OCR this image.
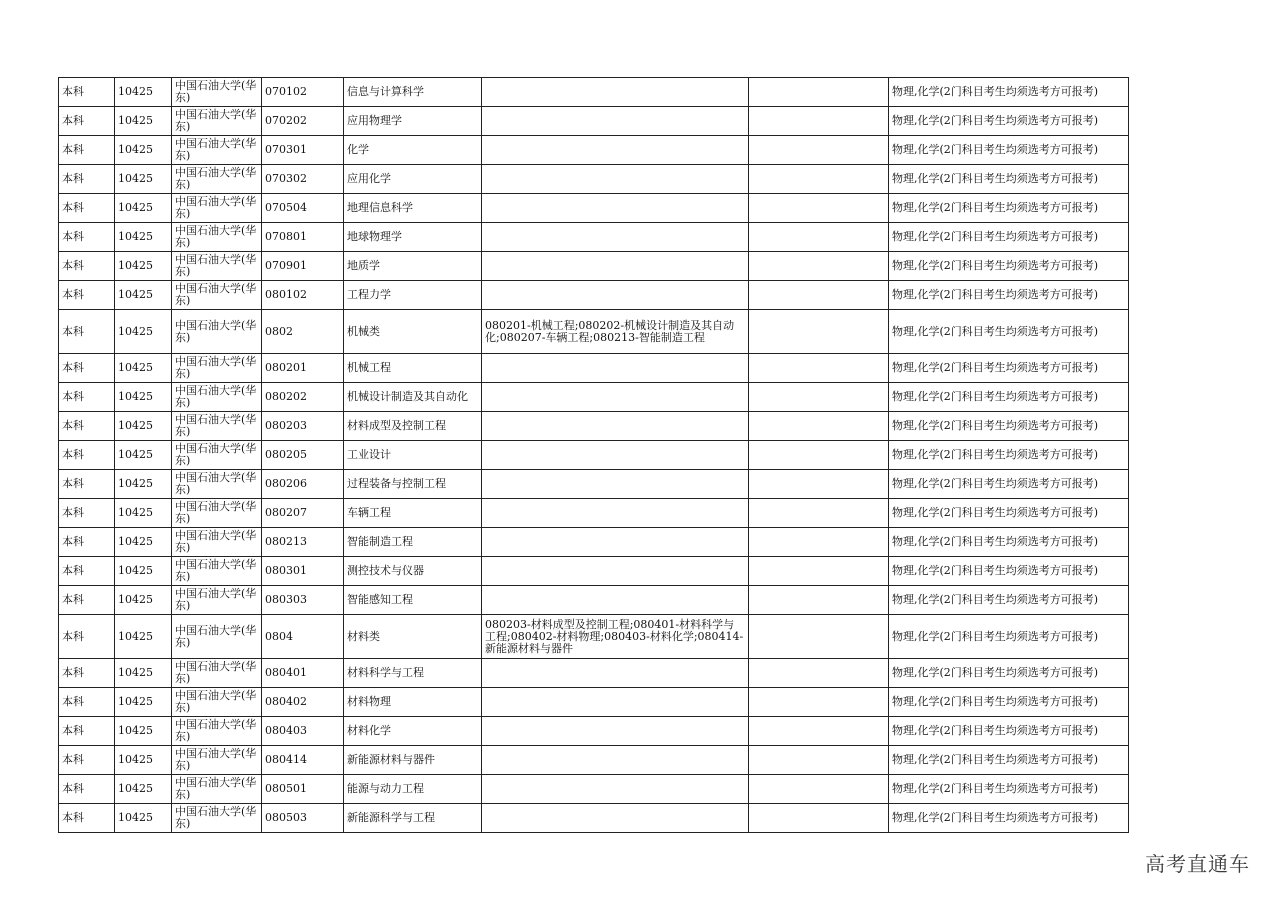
本科	10425	中国石油大学(华东)	070102	信息与计算科学			物理,化学(2门科目考生均须选考方可报考)
本科	10425	中国石油大学(华东)	070202	应用物理学			物理,化学(2门科目考生均须选考方可报考)
本科	10425	中国石油大学(华东)	070301	化学			物理,化学(2门科目考生均须选考方可报考)
本科	10425	中国石油大学(华东)	070302	应用化学			物理,化学(2门科目考生均须选考方可报考)
本科	10425	中国石油大学(华东)	070504	地理信息科学			物理,化学(2门科目考生均须选考方可报考)
本科	10425	中国石油大学(华东)	070801	地球物理学			物理,化学(2门科目考生均须选考方可报考)
本科	10425	中国石油大学(华东)	070901	地质学			物理,化学(2门科目考生均须选考方可报考)
本科	10425	中国石油大学(华东)	080102	工程力学			物理,化学(2门科目考生均须选考方可报考)
本科	10425	中国石油大学(华东)	0802	机械类	080201-机械工程;080202-机械设计制造及其自动化;080207-车辆工程;080213-智能制造工程		物理,化学(2门科目考生均须选考方可报考)
本科	10425	中国石油大学(华东)	080201	机械工程			物理,化学(2门科目考生均须选考方可报考)
本科	10425	中国石油大学(华东)	080202	机械设计制造及其自动化			物理,化学(2门科目考生均须选考方可报考)
本科	10425	中国石油大学(华东)	080203	材料成型及控制工程			物理,化学(2门科目考生均须选考方可报考)
本科	10425	中国石油大学(华东)	080205	工业设计			物理,化学(2门科目考生均须选考方可报考)
本科	10425	中国石油大学(华东)	080206	过程装备与控制工程			物理,化学(2门科目考生均须选考方可报考)
本科	10425	中国石油大学(华东)	080207	车辆工程			物理,化学(2门科目考生均须选考方可报考)
本科	10425	中国石油大学(华东)	080213	智能制造工程			物理,化学(2门科目考生均须选考方可报考)
本科	10425	中国石油大学(华东)	080301	测控技术与仪器			物理,化学(2门科目考生均须选考方可报考)
本科	10425	中国石油大学(华东)	080303	智能感知工程			物理,化学(2门科目考生均须选考方可报考)
本科	10425	中国石油大学(华东)	0804	材料类	080203-材料成型及控制工程;080401-材料科学与工程;080402-材料物理;080403-材料化学;080414-新能源材料与器件		物理,化学(2门科目考生均须选考方可报考)
本科	10425	中国石油大学(华东)	080401	材料科学与工程			物理,化学(2门科目考生均须选考方可报考)
本科	10425	中国石油大学(华东)	080402	材料物理			物理,化学(2门科目考生均须选考方可报考)
本科	10425	中国石油大学(华东)	080403	材料化学			物理,化学(2门科目考生均须选考方可报考)
本科	10425	中国石油大学(华东)	080414	新能源材料与器件			物理,化学(2门科目考生均须选考方可报考)
本科	10425	中国石油大学(华东)	080501	能源与动力工程			物理,化学(2门科目考生均须选考方可报考)
本科	10425	中国石油大学(华东)	080503	新能源科学与工程			物理,化学(2门科目考生均须选考方可报考)
高考直通车
